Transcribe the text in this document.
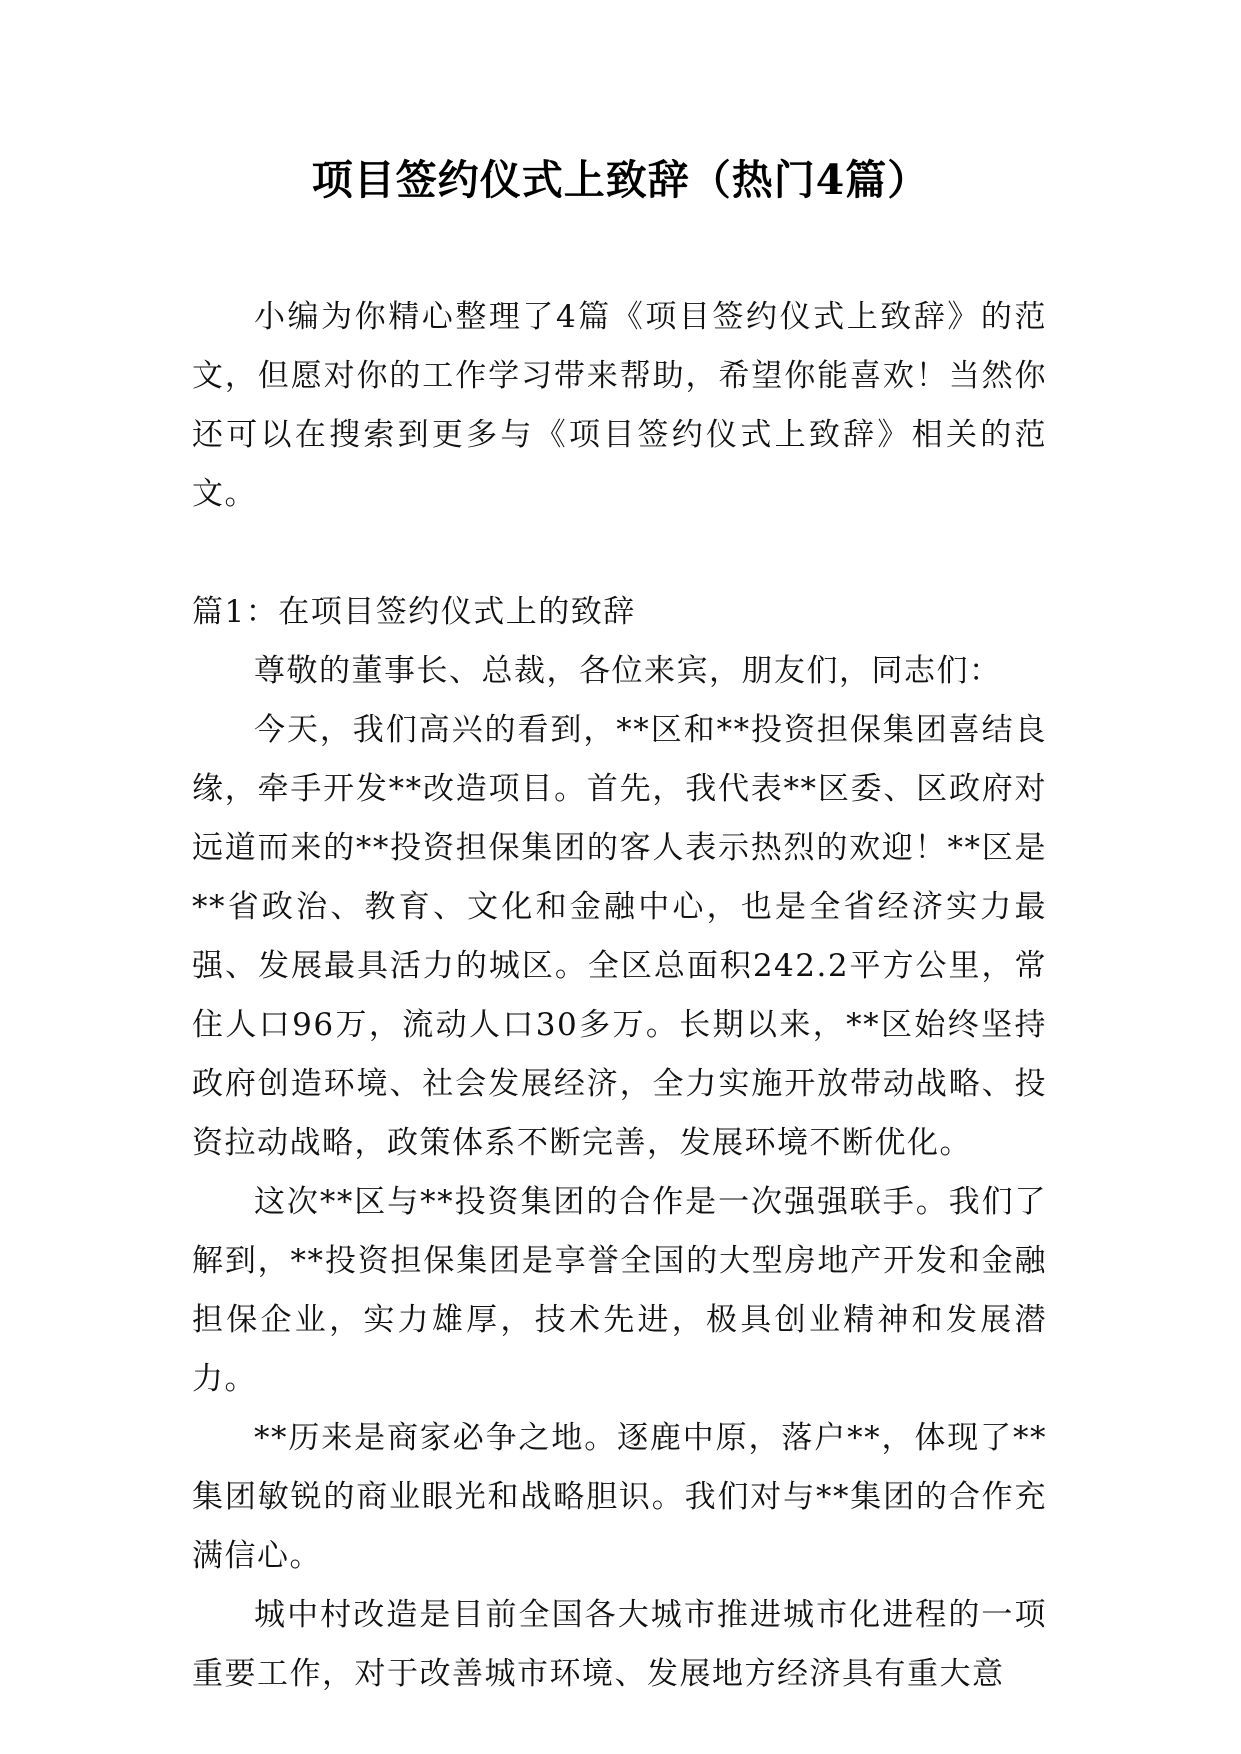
项目签约仪式上致辞（热门4篇）

小编为你精心整理了4篇《项目签约仪式上致辞》的范文，但愿对你的工作学习带来帮助，希望你能喜欢！当然你还可以在搜索到更多与《项目签约仪式上致辞》相关的范文。

篇1：在项目签约仪式上的致辞

尊敬的董事长、总裁，各位来宾，朋友们，同志们：

今天，我们高兴的看到，**区和**投资担保集团喜结良缘，牵手开发**改造项目。首先，我代表**区委、区政府对远道而来的**投资担保集团的客人表示热烈的欢迎！**区是**省政治、教育、文化和金融中心，也是全省经济实力最强、发展最具活力的城区。全区总面积242.2平方公里，常住人口96万，流动人口30多万。长期以来，**区始终坚持政府创造环境、社会发展经济，全力实施开放带动战略、投资拉动战略，政策体系不断完善，发展环境不断优化。

这次**区与**投资集团的合作是一次强强联手。我们了解到，**投资担保集团是享誉全国的大型房地产开发和金融担保企业，实力雄厚，技术先进，极具创业精神和发展潜力。

**历来是商家必争之地。逐鹿中原，落户**，体现了**集团敏锐的商业眼光和战略胆识。我们对与**集团的合作充满信心。

城中村改造是目前全国各大城市推进城市化进程的一项重要工作，对于改善城市环境、发展地方经济具有重大意
